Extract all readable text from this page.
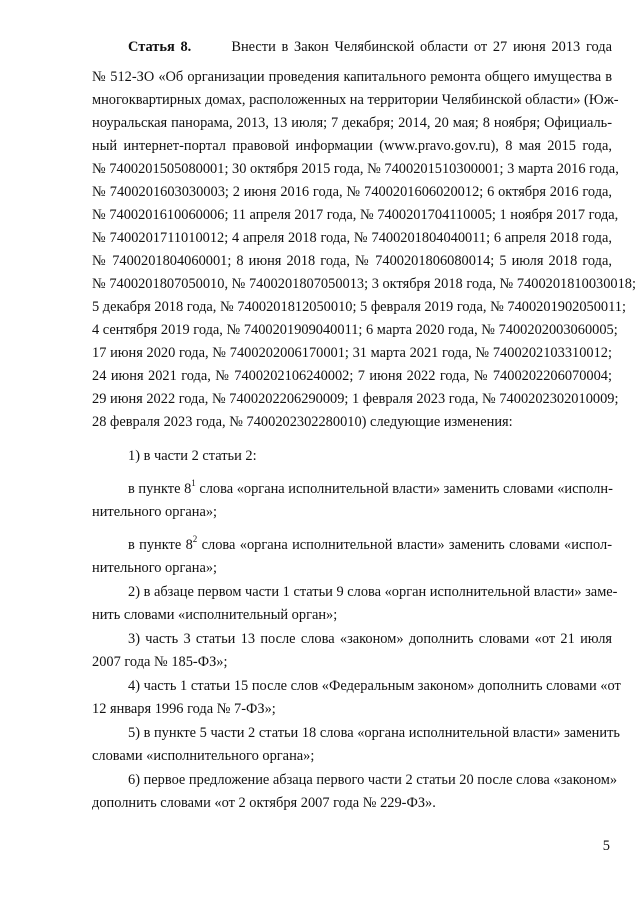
Статья 8.	Внести в Закон Челябинской области от 27 июня 2013 года
№ 512-ЗО «Об организации проведения капитального ремонта общего имущества в
многоквартирных домах, расположенных на территории Челябинской области» (Юж-
ноуральская панорама, 2013, 13 июля; 7 декабря; 2014, 20 мая; 8 ноября; Официаль-
ный интернет-портал правовой информации (www.pravo.gov.ru), 8 мая 2015 года,
№ 7400201505080001; 30 октября 2015 года, № 7400201510300001; 3 марта 2016 года,
№ 7400201603030003; 2 июня 2016 года, № 7400201606020012; 6 октября 2016 года,
№ 7400201610060006; 11 апреля 2017 года, № 7400201704110005; 1 ноября 2017 года,
№ 7400201711010012; 4 апреля 2018 года, № 7400201804040011; 6 апреля 2018 года,
№ 7400201804060001; 8 июня 2018 года, № 7400201806080014; 5 июля 2018 года,
№ 7400201807050010, № 7400201807050013; 3 октября 2018 года, № 7400201810030018;
5 декабря 2018 года, № 7400201812050010; 5 февраля 2019 года, № 7400201902050011;
4 сентября 2019 года, № 7400201909040011; 6 марта 2020 года, № 7400202003060005;
17 июня 2020 года, № 7400202006170001; 31 марта 2021 года, № 7400202103310012;
24 июня 2021 года, № 7400202106240002; 7 июня 2022 года, № 7400202206070004;
29 июня 2022 года, № 7400202206290009; 1 февраля 2023 года, № 7400202302010009;
28 февраля 2023 года, № 7400202302280010) следующие изменения:
1) в части 2 статьи 2:
в пункте $8^1$ слова «органа исполнительной власти» заменить словами «исполн-
нительного органа»;
в пункте $8^2$ слова «органа исполнительной власти» заменить словами «испол-
нительного органа»;
2) в абзаце первом части 1 статьи 9 слова «орган исполнительной власти» заме-
нить словами «исполнительный орган»;
3) часть 3 статьи 13 после слова «законом» дополнить словами «от 21 июля
2007 года № 185-ФЗ»;
4) часть 1 статьи 15 после слов «Федеральным законом» дополнить словами «от
12 января 1996 года № 7-ФЗ»;
5) в пункте 5 части 2 статьи 18 слова «органа исполнительной власти» заменить
словами «исполнительного органа»;
6) первое предложение абзаца первого части 2 статьи 20 после слова «законом»
дополнить словами «от 2 октября 2007 года № 229-ФЗ».
5
